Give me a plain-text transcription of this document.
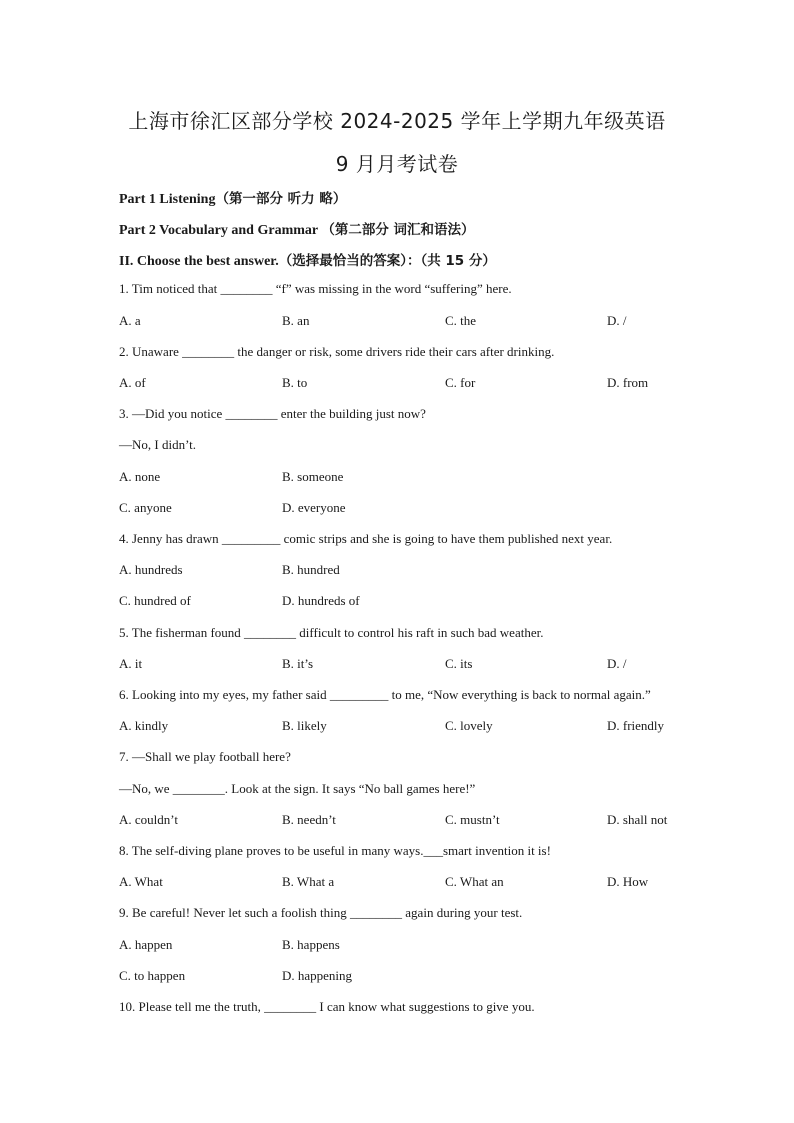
上海市徐汇区部分学校 2024-2025 学年上学期九年级英语
9 月月考试卷
Part 1 Listening（第一部分 听力 略）
Part 2 Vocabulary and Grammar （第二部分 词汇和语法）
II. Choose the best answer.（选择最恰当的答案）：（共 15 分）
1. Tim noticed that ________ “f” was missing in the word “suffering” here.
A. a	B. an	C. the	D. /
2. Unaware ________ the danger or risk, some drivers ride their cars after drinking.
A. of	B. to	C. for	D. from
3. —Did you notice ________ enter the building just now?
—No, I didn’t.
A. none	B. someone
C. anyone	D. everyone
4. Jenny has drawn _________ comic strips and she is going to have them published next year.
A. hundreds	B. hundred
C. hundred of	D. hundreds of
5. The fisherman found ________ difficult to control his raft in such bad weather.
A. it	B. it’s	C. its	D. /
6. Looking into my eyes, my father said _________ to me, “Now everything is back to normal again.”
A. kindly	B. likely	C. lovely	D. friendly
7. —Shall we play football here?
—No, we ________. Look at the sign. It says “No ball games here!”
A. couldn’t	B. needn’t	C. mustn’t	D. shall not
8. The self-diving plane proves to be useful in many ways.___smart invention it is!
A. What	B. What a	C. What an	D. How
9. Be careful! Never let such a foolish thing ________ again during your test.
A. happen	B. happens
C. to happen	D. happening
10. Please tell me the truth, ________ I can know what suggestions to give you.
